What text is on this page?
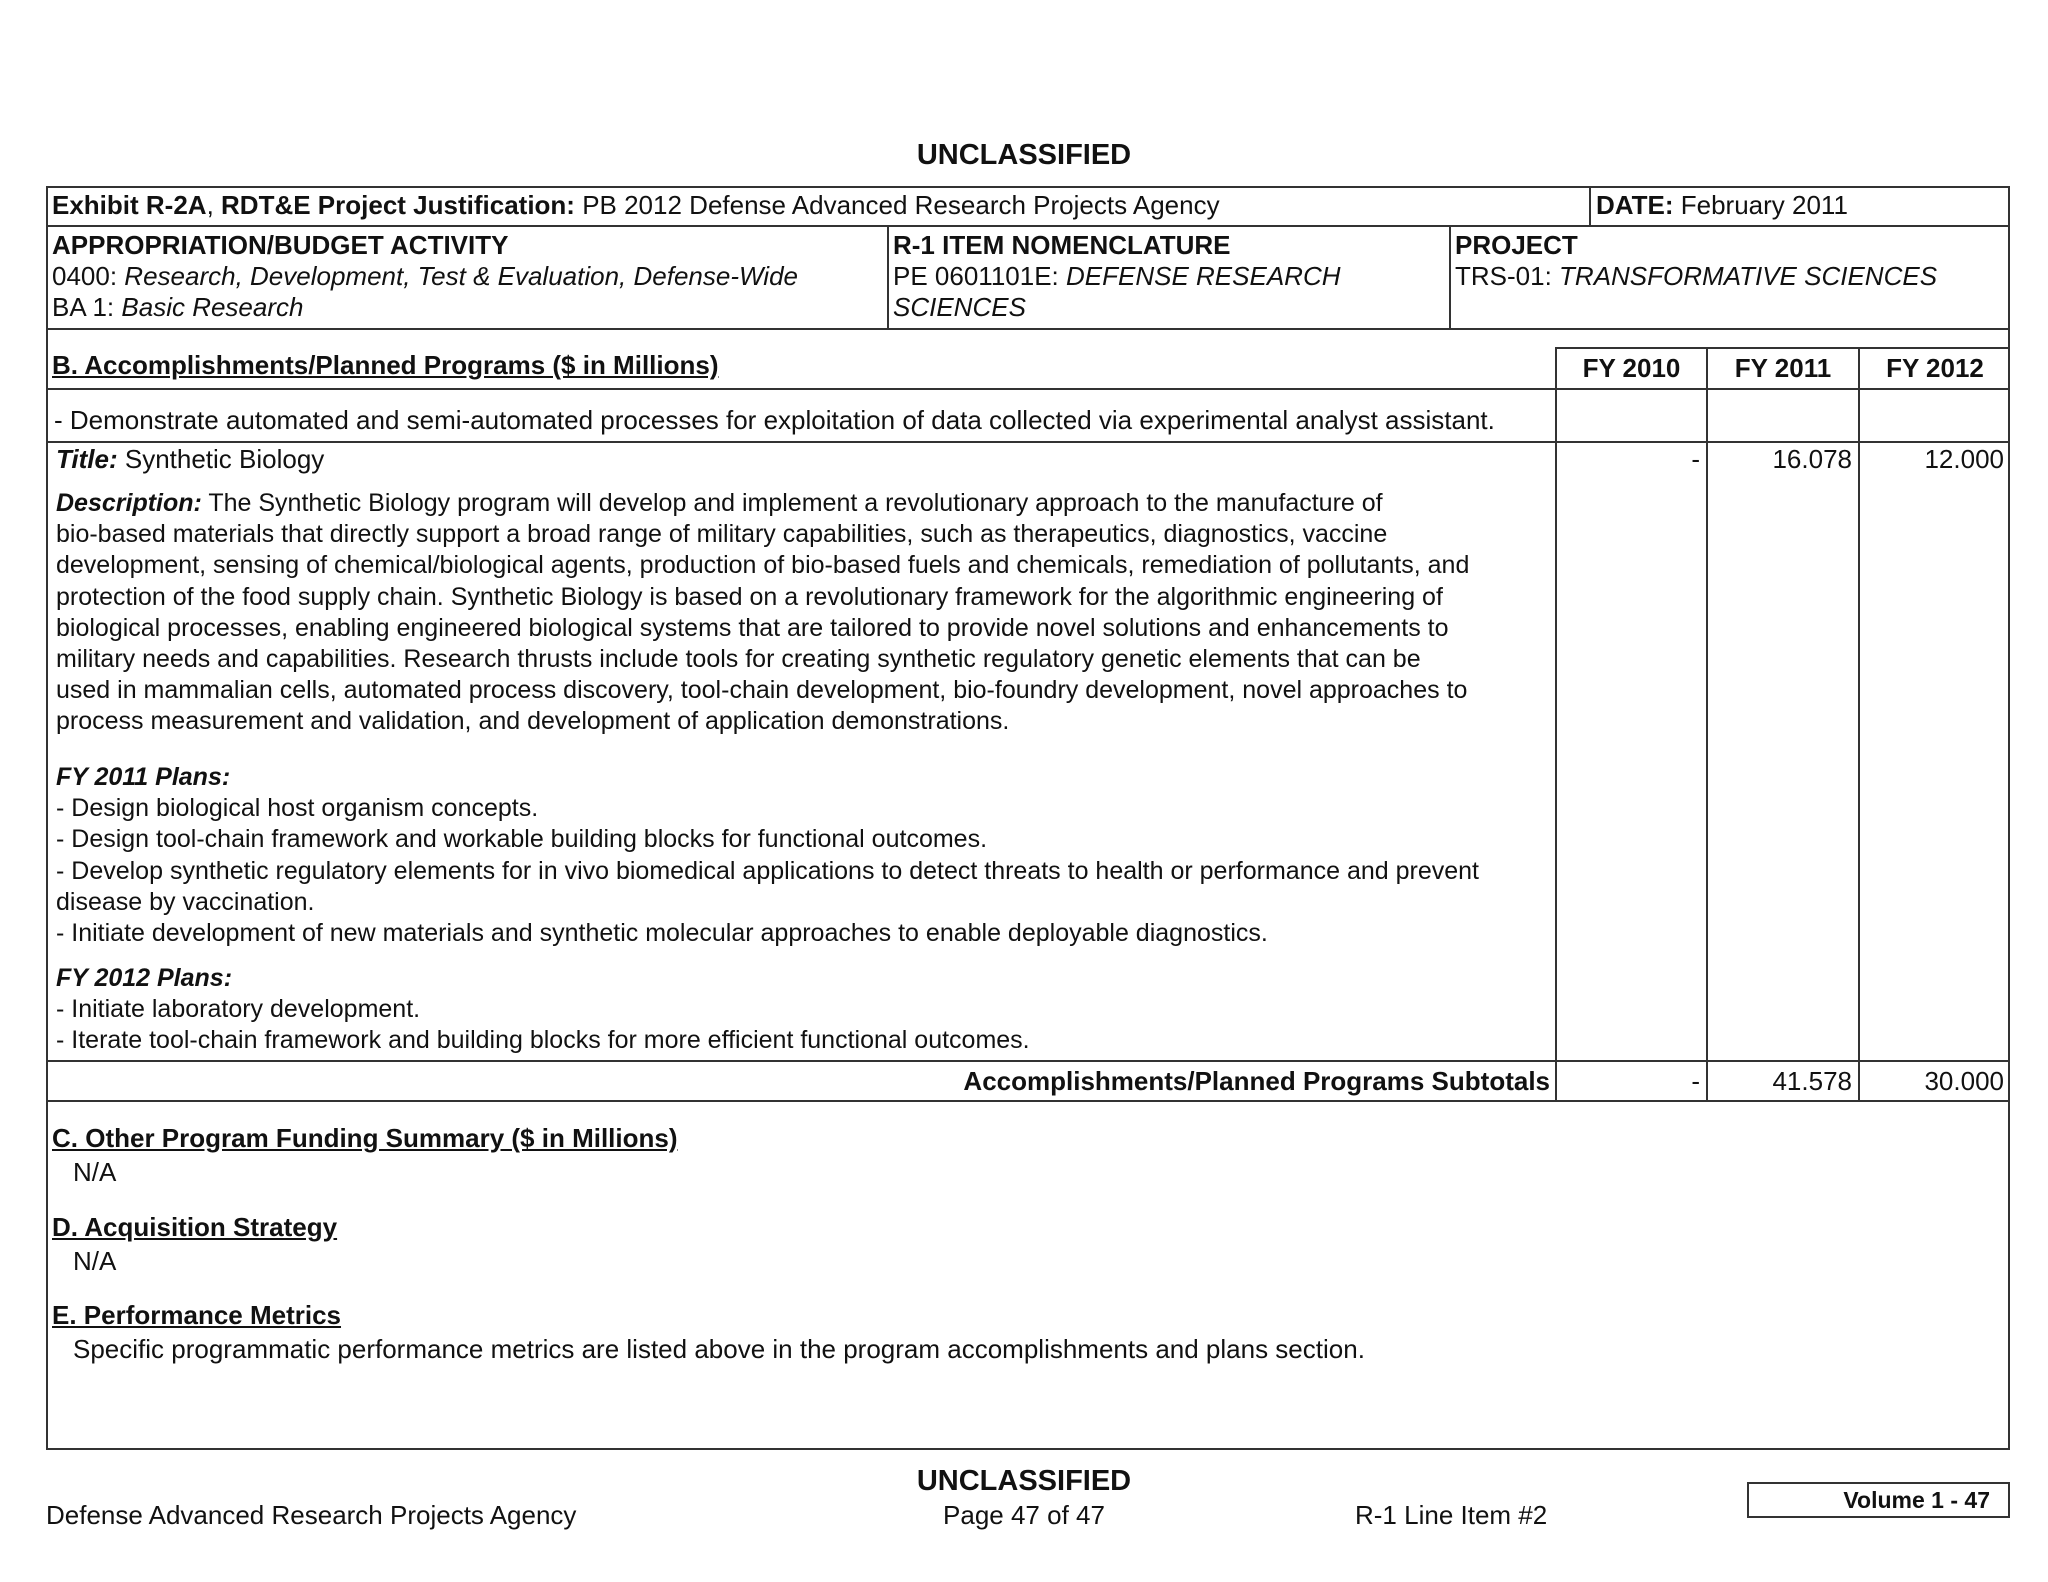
UNCLASSIFIED
Exhibit R-2A, RDT&E Project Justification: PB 2012 Defense Advanced Research Projects Agency	DATE: February 2011
APPROPRIATION/BUDGET ACTIVITY
0400: Research, Development, Test & Evaluation, Defense-Wide
BA 1: Basic Research
R-1 ITEM NOMENCLATURE
PE 0601101E: DEFENSE RESEARCH
SCIENCES
PROJECT
TRS-01: TRANSFORMATIVE SCIENCES
B. Accomplishments/Planned Programs ($ in Millions)	FY 2010	FY 2011	FY 2012
- Demonstrate automated and semi-automated processes for exploitation of data collected via experimental analyst assistant.
Title: Synthetic Biology	-	16.078	12.000

Description: The Synthetic Biology program will develop and implement a revolutionary approach to the manufacture of

bio-based materials that directly support a broad range of military capabilities, such as therapeutics, diagnostics, vaccine

development, sensing of chemical/biological agents, production of bio-based fuels and chemicals, remediation of pollutants, and

protection of the food supply chain. Synthetic Biology is based on a revolutionary framework for the algorithmic engineering of

biological processes, enabling engineered biological systems that are tailored to provide novel solutions and enhancements to

military needs and capabilities. Research thrusts include tools for creating synthetic regulatory genetic elements that can be

used in mammalian cells, automated process discovery, tool-chain development, bio-foundry development, novel approaches to

process measurement and validation, and development of application demonstrations.

FY 2011 Plans:
- Design biological host organism concepts.
- Design tool-chain framework and workable building blocks for functional outcomes.
- Develop synthetic regulatory elements for in vivo biomedical applications to detect threats to health or performance and prevent
disease by vaccination.
- Initiate development of new materials and synthetic molecular approaches to enable deployable diagnostics.
FY 2012 Plans:
- Initiate laboratory development.
- Iterate tool-chain framework and building blocks for more efficient functional outcomes.
Accomplishments/Planned Programs Subtotals	-	41.578	30.000
C. Other Program Funding Summary ($ in Millions)
N/A
D. Acquisition Strategy
N/A
E. Performance Metrics
Specific programmatic performance metrics are listed above in the program accomplishments and plans section.
UNCLASSIFIED
Defense Advanced Research Projects Agency	Page 47 of 47	R-1 Line Item #2	Volume 1 - 47
